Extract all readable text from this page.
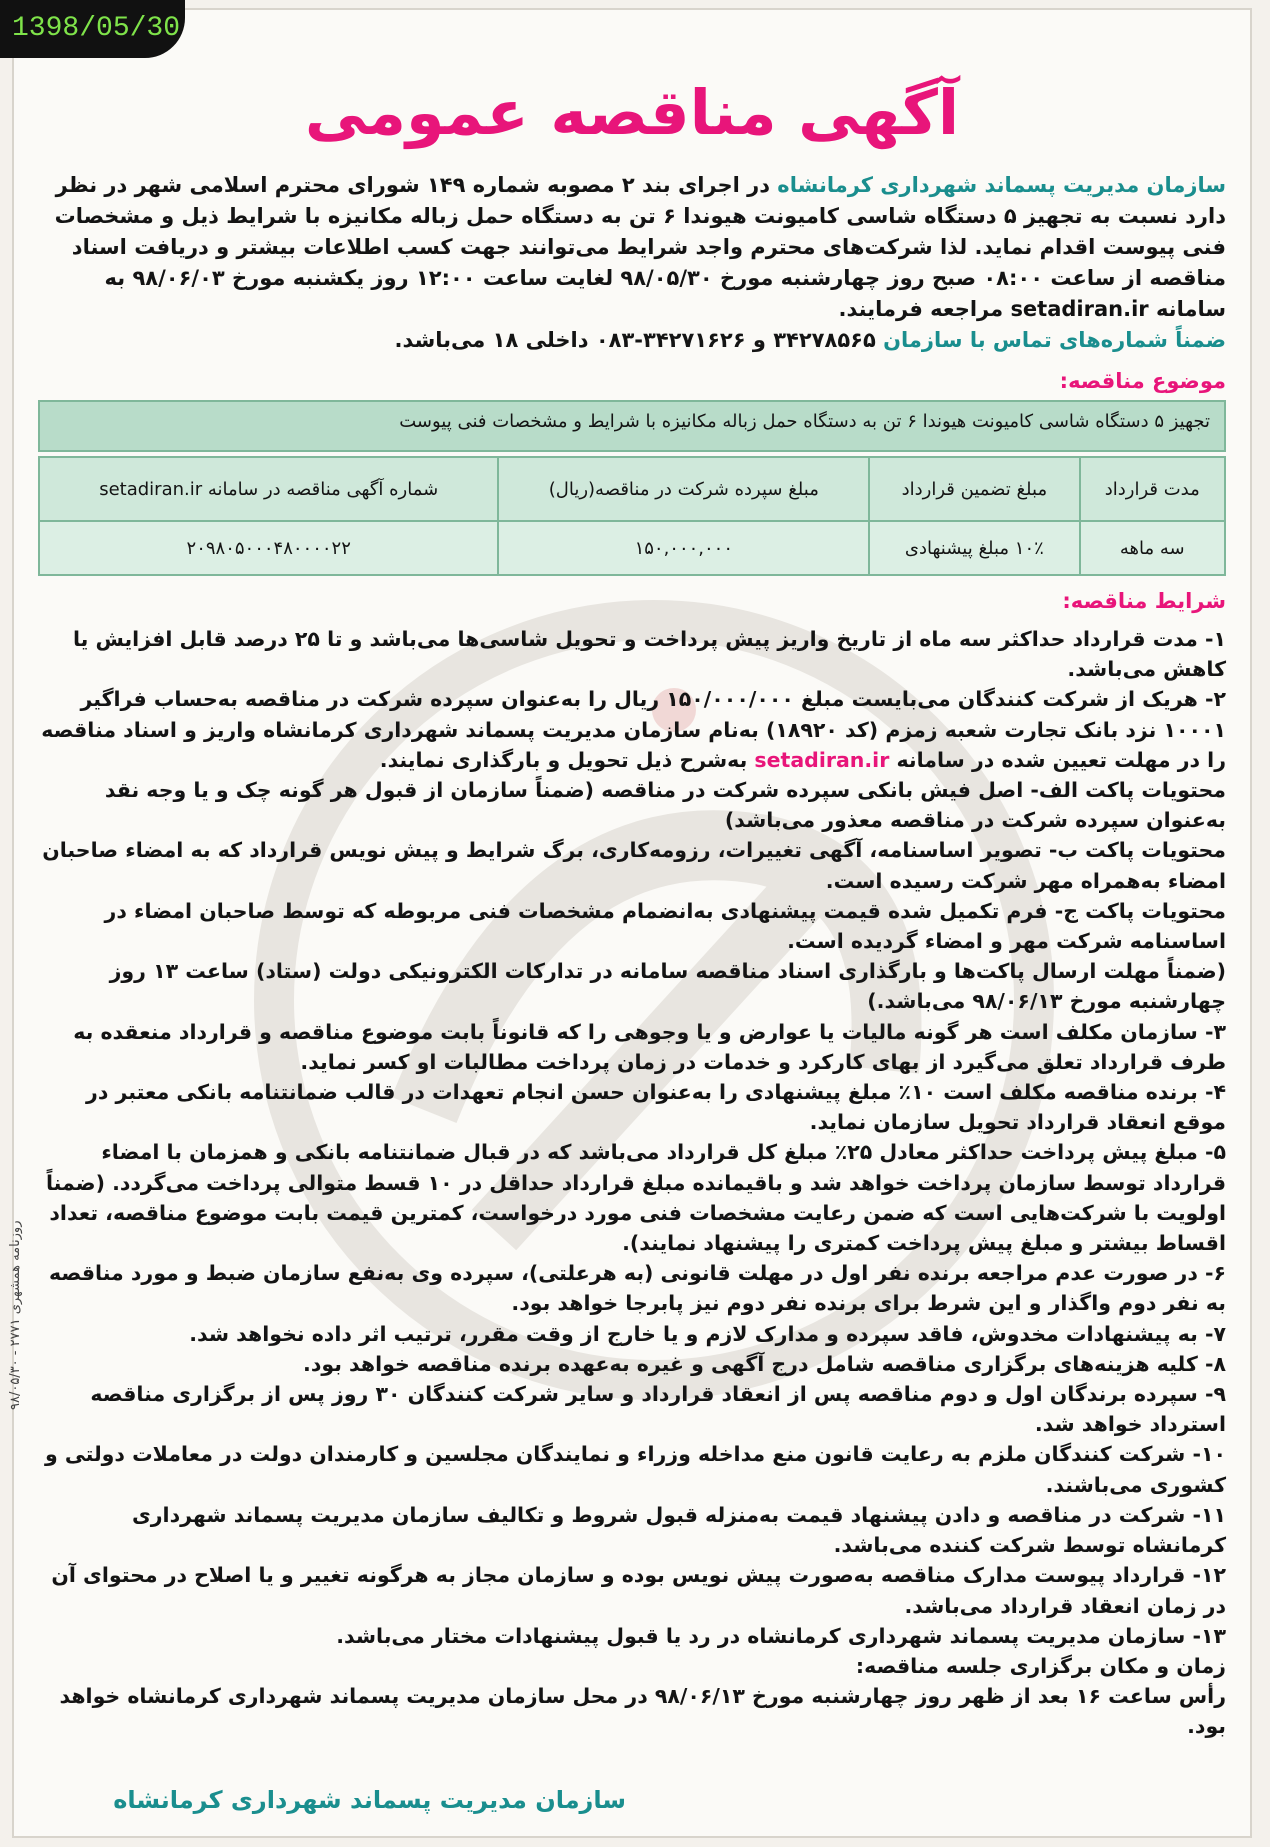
1398/05/30
آگهی مناقصه عمومی
سازمان مدیریت پسماند شهرداری کرمانشاه در اجرای بند ۲ مصوبه شماره ۱۴۹ شورای محترم اسلامی شهر در نظر دارد نسبت به تجهیز ۵ دستگاه شاسی کامیونت هیوندا ۶ تن به دستگاه حمل زباله مکانیزه با شرایط ذیل و مشخصات فنی پیوست اقدام نماید. لذا شرکت‌های محترم واجد شرایط می‌توانند جهت کسب اطلاعات بیشتر و دریافت اسناد مناقصه از ساعت ۰۸:۰۰ صبح روز چهارشنبه مورخ ۹۸/۰۵/۳۰ لغایت ساعت ۱۲:۰۰ روز یکشنبه مورخ ۹۸/۰۶/۰۳ به سامانه setadiran.ir مراجعه فرمایند.
ضمناً شماره‌های تماس با سازمان ۳۴۲۷۸۵۶۵ و ۳۴۲۷۱۶۲۶-۰۸۳ داخلی ۱۸ می‌باشد.
موضوع مناقصه:
تجهیز ۵ دستگاه شاسی کامیونت هیوندا ۶ تن به دستگاه حمل زباله مکانیزه با شرایط و مشخصات فنی پیوست
مدت قرارداد	مبلغ تضمین قرارداد	مبلغ سپرده شرکت در مناقصه(ریال)	شماره آگهی مناقصه در سامانه setadiran.ir
سه ماهه	۱۰٪ مبلغ پیشنهادی	۱۵۰,۰۰۰,۰۰۰	۲۰۹۸۰۵۰۰۰۴۸۰۰۰۰۲۲
شرایط مناقصه:

۱- مدت قرارداد حداکثر سه ماه از تاریخ واریز پیش پرداخت و تحویل شاسی‌ها می‌باشد و تا ۲۵ درصد قابل افزایش یا کاهش می‌باشد.

۲- هریک از شرکت کنندگان می‌بایست مبلغ ۱۵۰/۰۰۰/۰۰۰ ریال را به‌عنوان سپرده شرکت در مناقصه به‌حساب فراگیر ۱۰۰۰۱ نزد بانک تجارت شعبه زمزم (کد ۱۸۹۲۰) به‌نام سازمان مدیریت پسماند شهرداری کرمانشاه واریز و اسناد مناقصه را در مهلت تعیین شده در سامانه setadiran.ir به‌شرح ذیل تحویل و بارگذاری نمایند.

محتویات پاکت الف- اصل فیش بانکی سپرده شرکت در مناقصه (ضمناً سازمان از قبول هر گونه چک و یا وجه نقد به‌عنوان سپرده شرکت در مناقصه معذور می‌باشد)

محتویات پاکت ب- تصویر اساسنامه، آگهی تغییرات، رزومه‌کاری، برگ شرایط و پیش نویس قرارداد که به امضاء صاحبان امضاء به‌همراه مهر شرکت رسیده است.

محتویات پاکت ج- فرم تکمیل شده قیمت پیشنهادی به‌انضمام مشخصات فنی مربوطه که توسط صاحبان امضاء در اساسنامه شرکت مهر و امضاء گردیده است.

(ضمناً مهلت ارسال پاکت‌ها و بارگذاری اسناد مناقصه سامانه در تدارکات الکترونیکی دولت (ستاد) ساعت ۱۳ روز چهارشنبه مورخ ۹۸/۰۶/۱۳ می‌باشد.)

۳- سازمان مکلف است هر گونه مالیات یا عوارض و یا وجوهی را که قانوناً بابت موضوع مناقصه و قرارداد منعقده به طرف قرارداد تعلق می‌گیرد از بهای کارکرد و خدمات در زمان پرداخت مطالبات او کسر نماید.

۴- برنده مناقصه مکلف است ۱۰٪ مبلغ پیشنهادی را به‌عنوان حسن انجام تعهدات در قالب ضمانتنامه بانکی معتبر در موقع انعقاد قرارداد تحویل سازمان نماید.

۵- مبلغ پیش پرداخت حداکثر معادل ۲۵٪ مبلغ کل قرارداد می‌باشد که در قبال ضمانتنامه بانکی و همزمان با امضاء قرارداد توسط سازمان پرداخت خواهد شد و باقیمانده مبلغ قرارداد حداقل در ۱۰ قسط متوالی پرداخت می‌گردد. (ضمناً اولویت با شرکت‌هایی است که ضمن رعایت مشخصات فنی مورد درخواست، کمترین قیمت بابت موضوع مناقصه، تعداد اقساط بیشتر و مبلغ پیش پرداخت کمتری را پیشنهاد نمایند).

۶- در صورت عدم مراجعه برنده نفر اول در مهلت قانونی (به هرعلتی)، سپرده وی به‌نفع سازمان ضبط و مورد مناقصه به نفر دوم واگذار و این شرط برای برنده نفر دوم نیز پابرجا خواهد بود.

۷- به پیشنهادات مخدوش، فاقد سپرده و مدارک لازم و یا خارج از وقت مقرر، ترتیب اثر داده نخواهد شد.

۸- کلیه هزینه‌های برگزاری مناقصه شامل درج آگهی و غیره به‌عهده برنده مناقصه خواهد بود.

۹- سپرده برندگان اول و دوم مناقصه پس از انعقاد قرارداد و سایر شرکت کنندگان ۳۰ روز پس از برگزاری مناقصه استرداد خواهد شد.

۱۰- شرکت کنندگان ملزم به رعایت قانون منع مداخله وزراء و نمایندگان مجلسین و کارمندان دولت در معاملات دولتی و کشوری می‌باشند.

۱۱- شرکت در مناقصه و دادن پیشنهاد قیمت به‌منزله قبول شروط و تکالیف سازمان مدیریت پسماند شهرداری کرمانشاه توسط شرکت کننده می‌باشد.

۱۲- قرارداد پیوست مدارک مناقصه به‌صورت پیش نویس بوده و سازمان مجاز به هرگونه تغییر و یا اصلاح در محتوای آن در زمان انعقاد قرارداد می‌باشد.

۱۳- سازمان مدیریت پسماند شهرداری کرمانشاه در رد یا قبول پیشنهادات مختار می‌باشد.

زمان و مکان برگزاری جلسه مناقصه:

رأس ساعت ۱۶ بعد از ظهر روز چهارشنبه مورخ ۹۸/۰۶/۱۳ در محل سازمان مدیریت پسماند شهرداری کرمانشاه خواهد بود.

سازمان مدیریت پسماند شهرداری کرمانشاه
روزنامه همشهری ۲۷۷۱ - ۹۸/۰۵/۳۰
